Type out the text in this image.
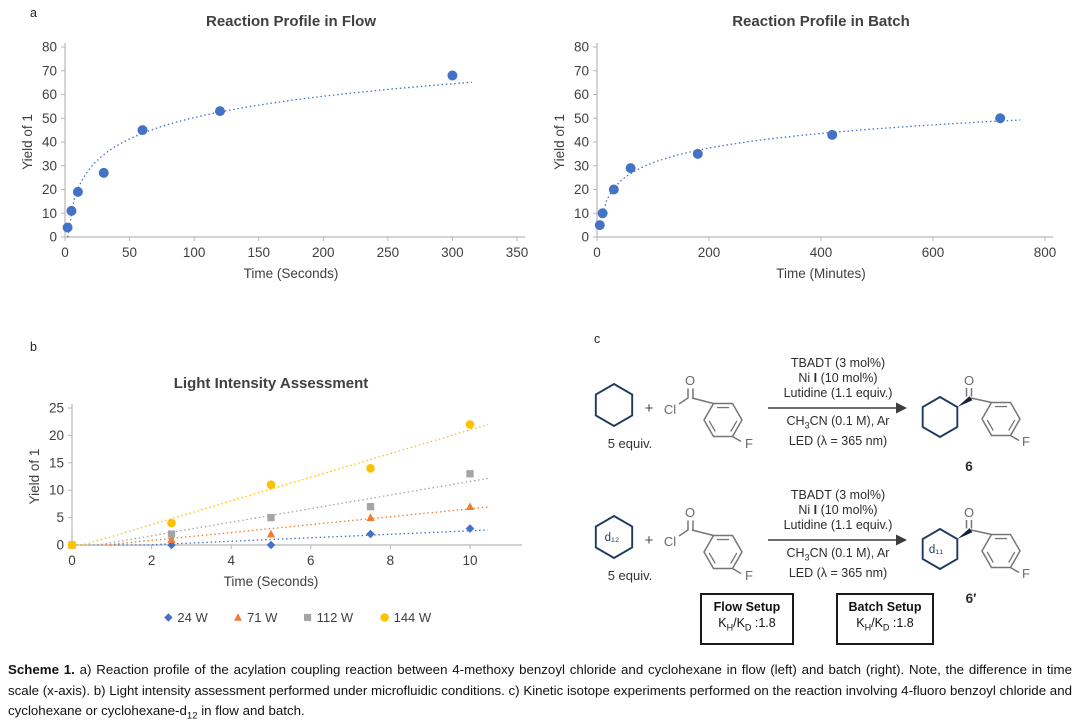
a
b
c
Reaction Profile in Flow
0
10
20
30
40
50
60
70
80
0	50	100	150	200	250	300	350
Time (Seconds)
Yield of 1
Reaction Profile in Batch
0
10
20
30
40
50
60
70
80
0	200	400	600	800
Time (Minutes)
Yield of 1
Light Intensity Assessment
0
5
10
15
20
25
0	2	4	6	8	10
Time (Seconds)
Yield of 1
24 W	71 W	112 W	144 W
+
+
Cl
Cl
O
O
O
O
F
F
F
F
d₁₂
d₁₁
6
6′
5 equiv.
5 equiv.
TBADT (3 mol%)
Ni I (10 mol%)
Lutidine (1.1 equiv.)
$CH_3CN$ (0.1 M), Ar
LED (λ = 365 nm)
TBADT (3 mol%)
Ni I (10 mol%)
Lutidine (1.1 equiv.)
$CH_3CN$ (0.1 M), Ar
LED (λ = 365 nm)
Flow Setup
$K_H/K_D$ :1.8
Batch Setup
$K_H/K_D$ :1.8
Scheme 1. a) Reaction profile of the acylation coupling reaction between 4-methoxy benzoyl chloride and cyclohexane in flow (left) and batch (right). Note, the difference in time scale (x-axis). b) Light intensity assessment performed under microfluidic conditions. c) Kinetic isotope experiments performed on the reaction involving 4-fluoro benzoyl chloride and cyclohexane or cyclohexane-$d_{12}$ in flow and batch.
